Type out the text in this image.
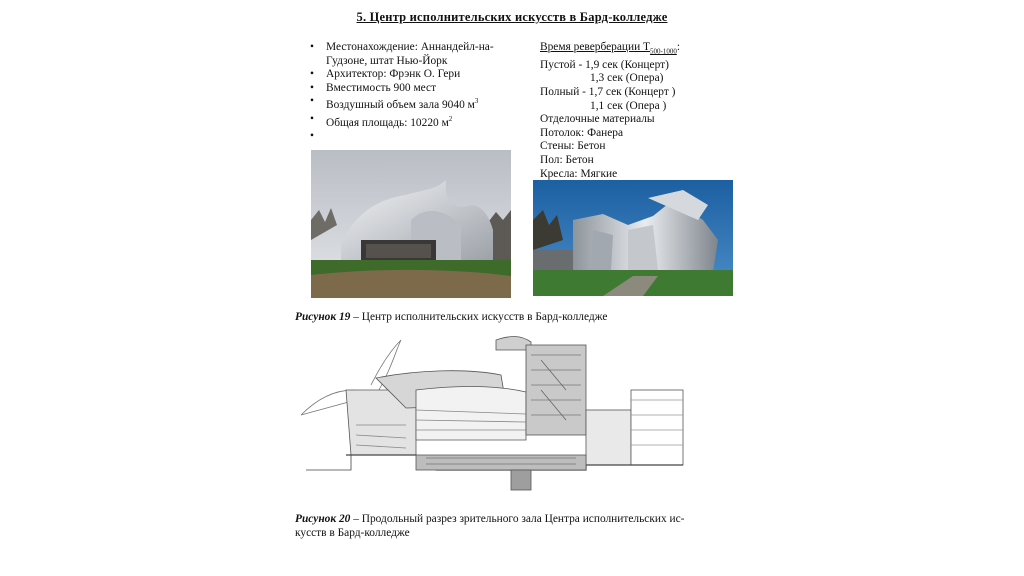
5. Центр исполнительских искусств в Бард-колледже
• Местонахождение: Аннандейл-на-Гудзоне, штат Нью-Йорк
• Архитектор: Фрэнк О. Гери
• Вместимость 900 мест
• Воздушный объем зала 9040 $м^3$
• Общая площадь: 10220 $м^2$
Время реверберации $Т_{500-1000}$:
Пустой - 1,9 сек (Концерт)
1,3 сек (Опера)
Полный - 1,7 сек (Концерт )
1,1 сек (Опера )
Отделочные материалы
Потолок: Фанера
Стены: Бетон
Пол: Бетон
Кресла: Мягкие
Рисунок 19 – Центр исполнительских искусств в Бард-колледже
Рисунок 20 – Продольный разрез зрительного зала Центра исполнительских ис-
кусств в Бард-колледже
